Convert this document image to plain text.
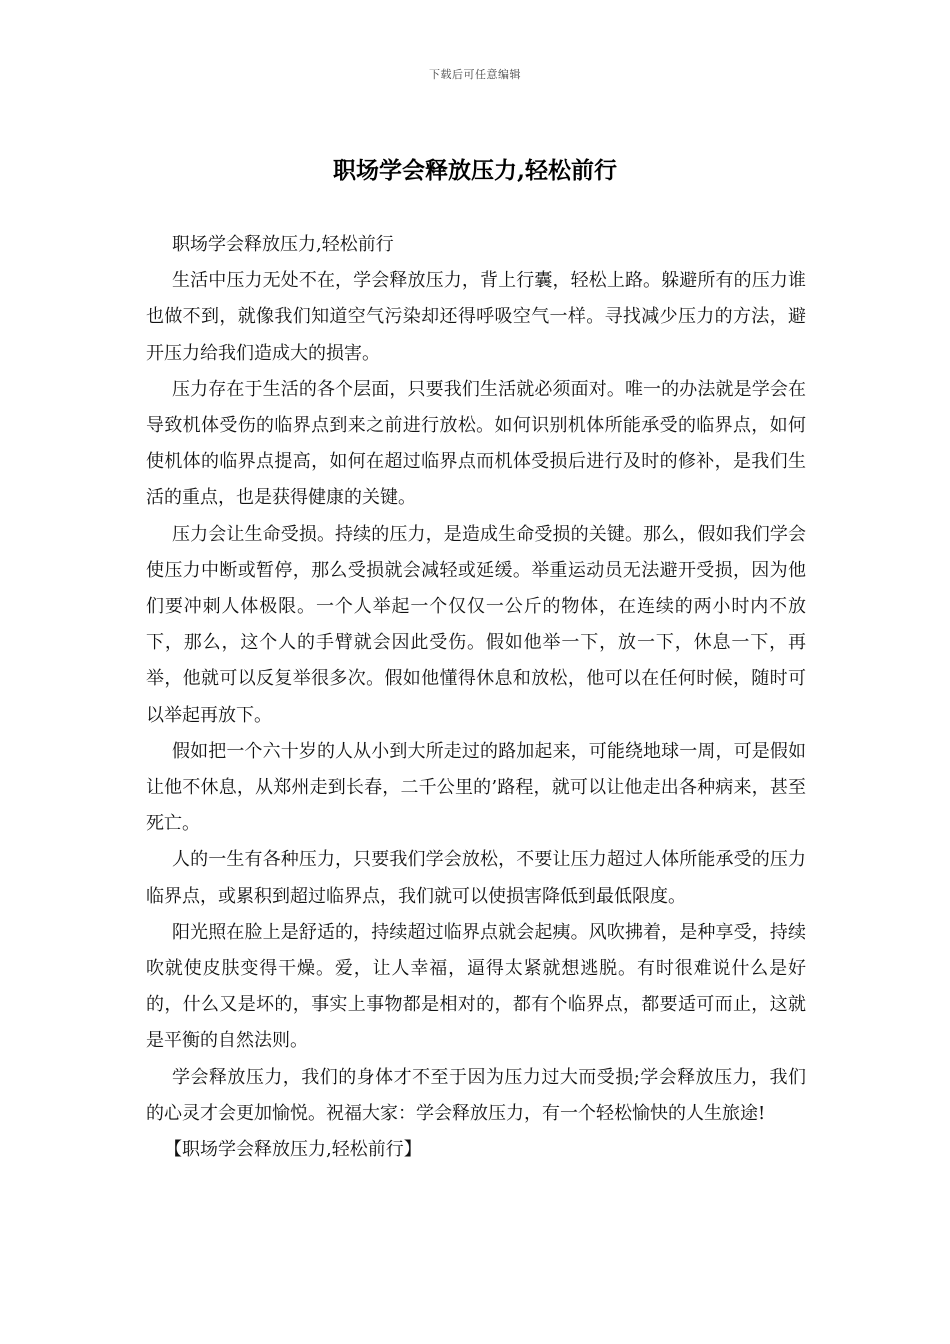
下载后可任意编辑
职场学会释放压力,轻松前行

职场学会释放压力,轻松前行

生活中压力无处不在，学会释放压力，背上行囊，轻松上路。躲避所有的压力谁也做不到，就像我们知道空气污染却还得呼吸空气一样。寻找减少压力的方法，避开压力给我们造成大的损害。

压力存在于生活的各个层面，只要我们生活就必须面对。唯一的办法就是学会在导致机体受伤的临界点到来之前进行放松。如何识别机体所能承受的临界点，如何使机体的临界点提高，如何在超过临界点而机体受损后进行及时的修补，是我们生活的重点，也是获得健康的关键。

压力会让生命受损。持续的压力，是造成生命受损的关键。那么，假如我们学会使压力中断或暂停，那么受损就会减轻或延缓。举重运动员无法避开受损，因为他们要冲刺人体极限。一个人举起一个仅仅一公斤的物体，在连续的两小时内不放下，那么，这个人的手臂就会因此受伤。假如他举一下，放一下，休息一下，再举，他就可以反复举很多次。假如他懂得休息和放松，他可以在任何时候，随时可以举起再放下。

假如把一个六十岁的人从小到大所走过的路加起来，可能绕地球一周，可是假如让他不休息，从郑州走到长春，二千公里的’路程，就可以让他走出各种病来，甚至死亡。

人的一生有各种压力，只要我们学会放松，不要让压力超过人体所能承受的压力临界点，或累积到超过临界点，我们就可以使损害降低到最低限度。

阳光照在脸上是舒适的，持续超过临界点就会起痍。风吹拂着，是种享受，持续吹就使皮肤变得干燥。爱，让人幸福，逼得太紧就想逃脱。有时很难说什么是好的，什么又是坏的，事实上事物都是相对的，都有个临界点，都要适可而止，这就是平衡的自然法则。

学会释放压力，我们的身体才不至于因为压力过大而受损;学会释放压力，我们的心灵才会更加愉悦。祝福大家：学会释放压力，有一个轻松愉快的人生旅途!

【职场学会释放压力,轻松前行】
